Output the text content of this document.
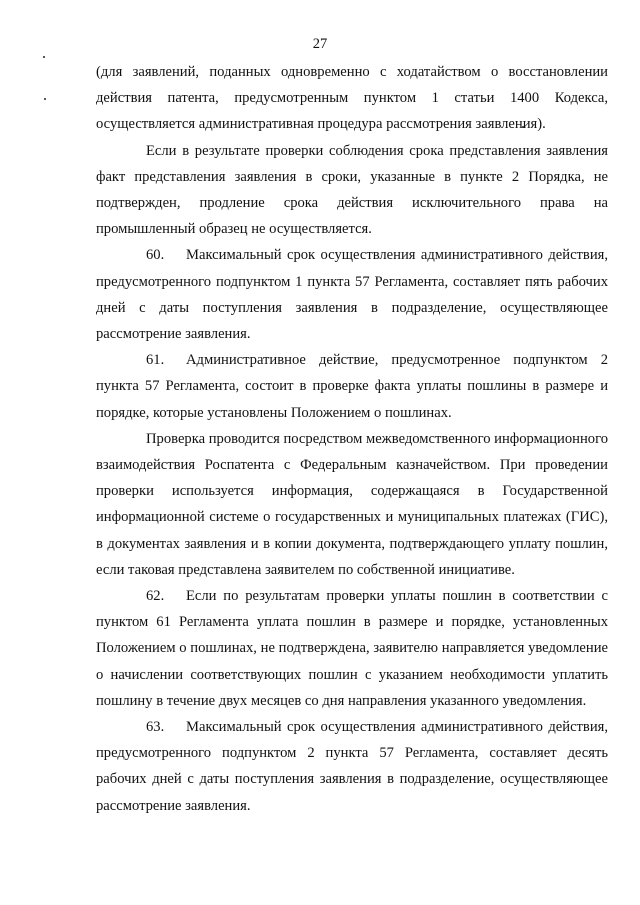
27

(для заявлений, поданных одновременно с ходатайством о восстановлении действия патента, предусмотренным пунктом 1 статьи 1400 Кодекса, осуществляется административная процедура рассмотрения заявления).

Если в результате проверки соблюдения срока представления заявления факт представления заявления в сроки, указанные в пункте 2 Порядка, не подтвержден, продление срока действия исключительного права на промышленный образец не осуществляется.

60. Максимальный срок осуществления административного действия, предусмотренного подпунктом 1 пункта 57 Регламента, составляет пять рабочих дней с даты поступления заявления в подразделение, осуществляющее рассмотрение заявления.

61. Административное действие, предусмотренное подпунктом 2 пункта 57 Регламента, состоит в проверке факта уплаты пошлины в размере и порядке, которые установлены Положением о пошлинах.

Проверка проводится посредством межведомственного информационного взаимодействия Роспатента с Федеральным казначейством. При проведении проверки используется информация, содержащаяся в Государственной информационной системе о государственных и муниципальных платежах (ГИС), в документах заявления и в копии документа, подтверждающего уплату пошлин, если таковая представлена заявителем по собственной инициативе.

62. Если по результатам проверки уплаты пошлин в соответствии с пунктом 61 Регламента уплата пошлин в размере и порядке, установленных Положением о пошлинах, не подтверждена, заявителю направляется уведомление о начислении соответствующих пошлин с указанием необходимости уплатить пошлину в течение двух месяцев со дня направления указанного уведомления.

63. Максимальный срок осуществления административного действия, предусмотренного подпунктом 2 пункта 57 Регламента, составляет десять рабочих дней с даты поступления заявления в подразделение, осуществляющее рассмотрение заявления.
